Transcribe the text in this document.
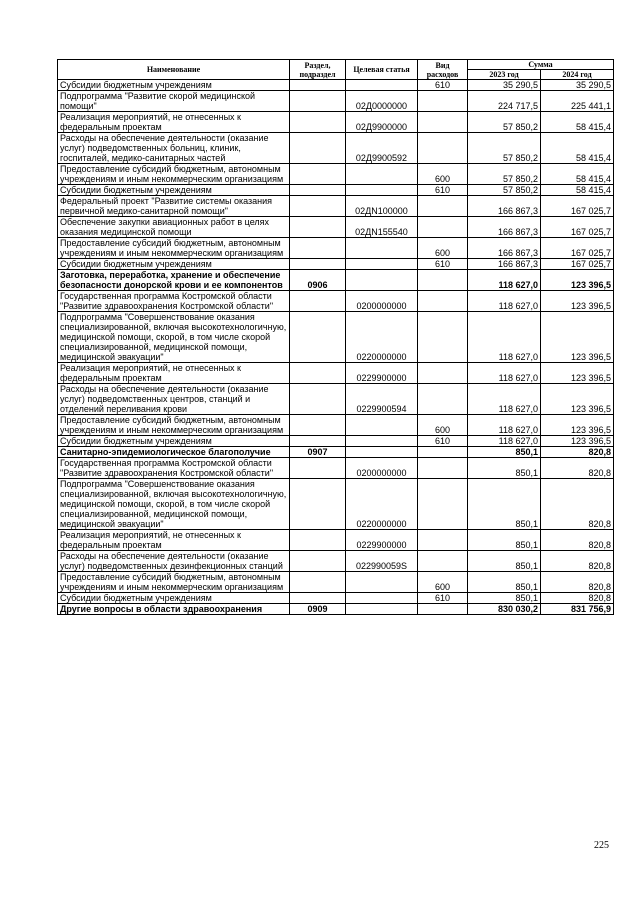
Наименование	Раздел, подраздел	Целевая статья	Вид расходов	Сумма	
				2023 год	2024 год
Субсидии бюджетным учреждениям			610	35 290,5	35 290,5
Подпрограмма "Развитие скорой медицинской помощи"		02Д0000000		224 717,5	225 441,1
Реализация мероприятий, не отнесенных к федеральным проектам		02Д9900000		57 850,2	58 415,4
Расходы на обеспечение деятельности (оказание услуг) подведомственных больниц, клиник, госпиталей, медико-санитарных частей		02Д9900592		57 850,2	58 415,4
Предоставление субсидий бюджетным, автономным учреждениям и иным некоммерческим организациям			600	57 850,2	58 415,4
Субсидии бюджетным учреждениям			610	57 850,2	58 415,4
Федеральный проект "Развитие системы оказания первичной медико-санитарной помощи"		02ДN100000		166 867,3	167 025,7
Обеспечение закупки авиационных работ в целях оказания медицинской помощи		02ДN155540		166 867,3	167 025,7
Предоставление субсидий бюджетным, автономным учреждениям и иным некоммерческим организациям			600	166 867,3	167 025,7
Субсидии бюджетным учреждениям			610	166 867,3	167 025,7
Заготовка, переработка, хранение и обеспечение безопасности донорской крови и ее компонентов	0906			118 627,0	123 396,5
Государственная программа Костромской области "Развитие здравоохранения Костромской области"		0200000000		118 627,0	123 396,5
Подпрограмма "Совершенствование оказания специализированной, включая высокотехнологичную, медицинской помощи, скорой, в том числе скорой специализированной, медицинской помощи, медицинской эвакуации"		0220000000		118 627,0	123 396,5
Реализация мероприятий, не отнесенных к федеральным проектам		0229900000		118 627,0	123 396,5
Расходы на обеспечение деятельности (оказание услуг) подведомственных центров, станций и отделений переливания крови		0229900594		118 627,0	123 396,5
Предоставление субсидий бюджетным, автономным учреждениям и иным некоммерческим организациям			600	118 627,0	123 396,5
Субсидии бюджетным учреждениям			610	118 627,0	123 396,5
Санитарно-эпидемиологическое благополучие	0907			850,1	820,8
Государственная программа Костромской области "Развитие здравоохранения Костромской области"		0200000000		850,1	820,8
Подпрограмма "Совершенствование оказания специализированной, включая высокотехнологичную, медицинской помощи, скорой, в том числе скорой специализированной, медицинской помощи, медицинской эвакуации"		0220000000		850,1	820,8
Реализация мероприятий, не отнесенных к федеральным проектам		0229900000		850,1	820,8
Расходы на обеспечение деятельности (оказание услуг) подведомственных дезинфекционных станций		022990059S		850,1	820,8
Предоставление субсидий бюджетным, автономным учреждениям и иным некоммерческим организациям			600	850,1	820,8
Субсидии бюджетным учреждениям			610	850,1	820,8
Другие вопросы в области здравоохранения	0909			830 030,2	831 756,9
225
